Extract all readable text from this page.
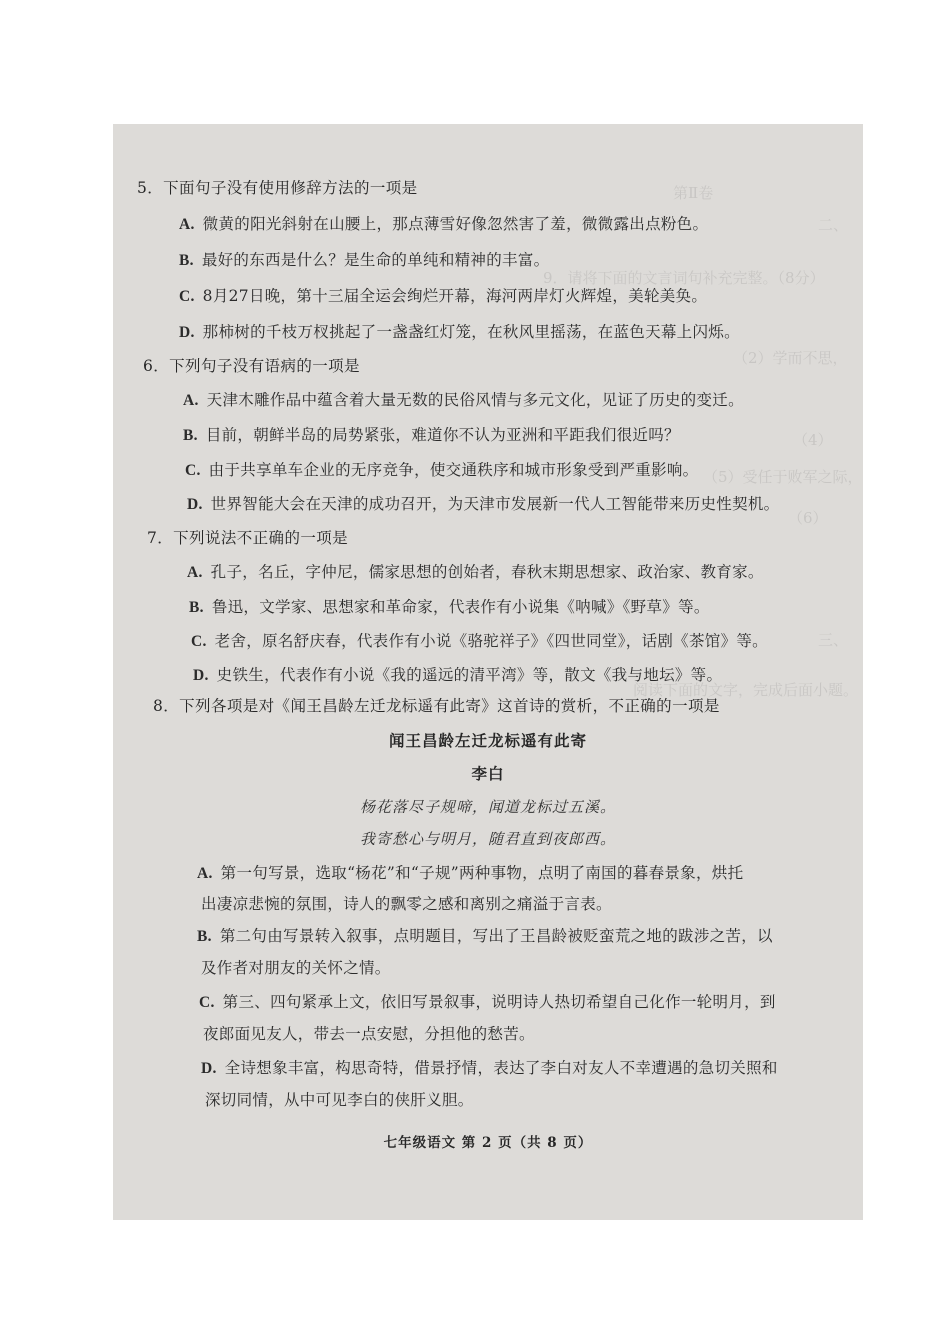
第Ⅱ卷
二、
9．请将下面的文言词句补充完整。（8分）
（2）学而不思，
（4）
（5）受任于败军之际，
（6）
三、
阅读下面的文字，完成后面小题。
5．下面句子没有使用修辞方法的一项是
A. 微黄的阳光斜射在山腰上，那点薄雪好像忽然害了羞，微微露出点粉色。
B. 最好的东西是什么？是生命的单纯和精神的丰富。
C. 8月27日晚，第十三届全运会绚烂开幕，海河两岸灯火辉煌，美轮美奂。
D. 那柿树的千枝万杈挑起了一盏盏红灯笼，在秋风里摇荡，在蓝色天幕上闪烁。
6．下列句子没有语病的一项是
A. 天津木雕作品中蕴含着大量无数的民俗风情与多元文化，见证了历史的变迁。
B. 目前，朝鲜半岛的局势紧张，难道你不认为亚洲和平距我们很近吗？
C. 由于共享单车企业的无序竞争，使交通秩序和城市形象受到严重影响。
D. 世界智能大会在天津的成功召开，为天津市发展新一代人工智能带来历史性契机。
7．下列说法不正确的一项是
A. 孔子，名丘，字仲尼，儒家思想的创始者，春秋末期思想家、政治家、教育家。
B. 鲁迅，文学家、思想家和革命家，代表作有小说集《呐喊》《野草》等。
C. 老舍，原名舒庆春，代表作有小说《骆驼祥子》《四世同堂》，话剧《茶馆》等。
D. 史铁生，代表作有小说《我的遥远的清平湾》等，散文《我与地坛》等。
8．下列各项是对《闻王昌龄左迁龙标遥有此寄》这首诗的赏析，不正确的一项是
闻王昌龄左迁龙标遥有此寄
李白
杨花落尽子规啼，闻道龙标过五溪。
我寄愁心与明月，随君直到夜郎西。
A. 第一句写景，选取“杨花”和“子规”两种事物，点明了南国的暮春景象，烘托
出凄凉悲惋的氛围，诗人的飘零之感和离别之痛溢于言表。
B. 第二句由写景转入叙事，点明题目，写出了王昌龄被贬蛮荒之地的跋涉之苦，以
及作者对朋友的关怀之情。
C. 第三、四句紧承上文，依旧写景叙事，说明诗人热切希望自己化作一轮明月，到
夜郎面见友人，带去一点安慰，分担他的愁苦。
D. 全诗想象丰富，构思奇特，借景抒情，表达了李白对友人不幸遭遇的急切关照和
深切同情，从中可见李白的侠肝义胆。
七年级语文 第 2 页（共 8 页）
